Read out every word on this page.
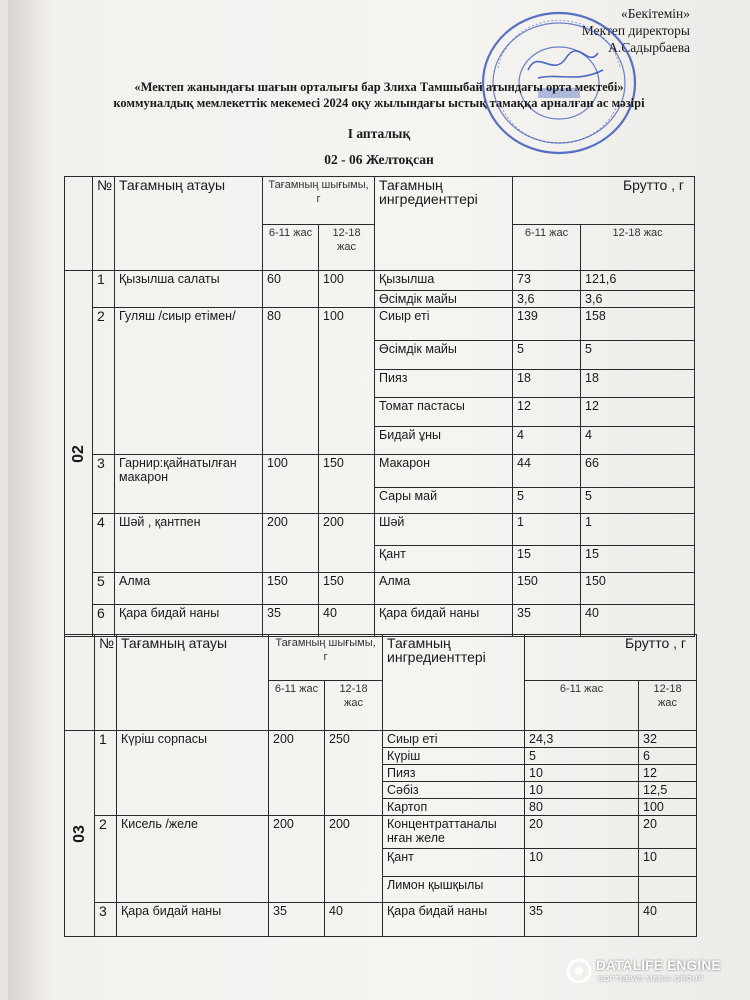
«Бекітемін»
Мектеп директоры
А.Садырбаева
«Мектеп жанындағы шағын орталығы бар Злиха Тамшыбай атындағы орта мектебі»
коммуналдық мемлекеттік мекемесі 2024 оқу жылындағы ыстық тамаққа арналған ас мәзірі
І апталық
02 - 06 Желтоқсан
	№	Тағамның атауы	Тағамның шығымы, г		Тағамның ингредиенттері	Брутто , г	
			6-11 жас	12-18 жас		6-11 жас	12-18 жас
02	1	Қызылша салаты	60	100	Қызылша	73	121,6
					Өсімдік майы	3,6	3,6
	2	Гуляш /сиыр етімен/	80	100	Сиыр еті	139	158
					Өсімдік майы	5	5
					Пияз	18	18
					Томат пастасы	12	12
					Бидай ұны	4	4
	3	Гарнир:қайнатылған макарон	100	150	Макарон	44	66
					Сары май	5	5
	4	Шәй , қантпен	200	200	Шәй	1	1
					Қант	15	15
	5	Алма	150	150	Алма	150	150
	6	Қара бидай наны	35	40	Қара бидай наны	35	40
	№	Тағамның атауы	Тағамның шығымы, г		Тағамның ингредиенттері	Брутто , г	
			6-11 жас	12-18 жас		6-11 жас	12-18 жас
03	1	Күріш сорпасы	200	250	Сиыр еті	24,3	32
					Күріш	5	6
					Пияз	10	12
					Сәбіз	10	12,5
					Картоп	80	100
	2	Кисель /желе	200	200	Концентраттаналы нған желе	20	20
					Қант	10	10
					Лимон қышқылы		
	3	Қара бидай наны	35	40	Қара бидай наны	35	40
DATALIFE ENGINE
SOFTNEWS MEDIA GROUP
